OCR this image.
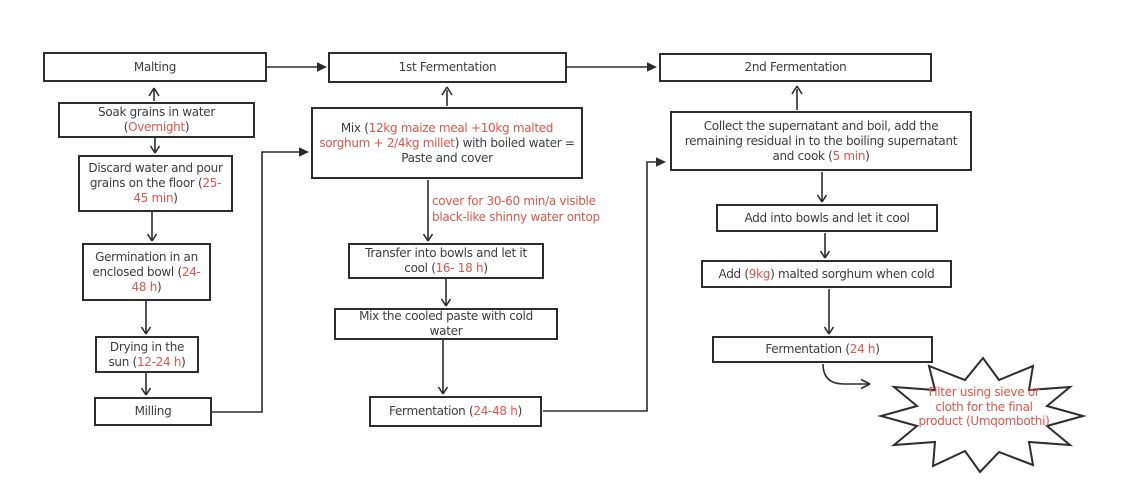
Malting
Soak grains in water (Overnight)
Discard water and pour grains on the floor (25-45 min)
Germination in an enclosed bowl (24-48 h)
Drying in the sun (12-24 h)
Milling
1st Fermentation
Mix (12kg maize meal +10kg malted sorghum + 2/4kg millet) with boiled water = Paste and cover
cover for 30-60 min/a visible black-like shinny water ontop
Transfer into bowls and let it cool (16- 18 h)
Mix the cooled paste with cold water
Fermentation (24-48 h)
2nd Fermentation
Collect the supernatant and boil, add the remaining residual in to the boiling supernatant and cook (5 min)
Add into bowls and let it cool
Add (9kg) malted sorghum when cold
Fermentation (24 h)
Filter using sieve or cloth for the final product (Umqombothi)
